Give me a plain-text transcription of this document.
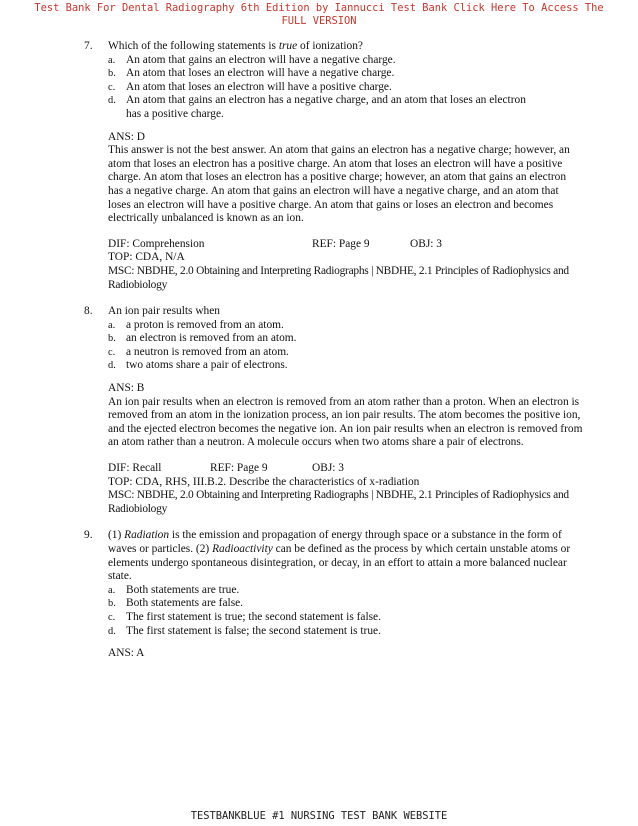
Test Bank For Dental Radiography 6th Edition by Iannucci Test Bank Click Here To Access The
FULL VERSION
7. Which of the following statements is true of ionization?
a. An atom that gains an electron will have a negative charge.
b. An atom that loses an electron will have a negative charge.
c. An atom that loses an electron will have a positive charge.
d. An atom that gains an electron has a negative charge, and an atom that loses an electron has a positive charge.
ANS: D
This answer is not the best answer. An atom that gains an electron has a negative charge; however, an atom that loses an electron has a positive charge. An atom that loses an electron will have a positive charge. An atom that loses an electron has a positive charge; however, an atom that gains an electron has a negative charge. An atom that gains an electron will have a negative charge, and an atom that loses an electron will have a positive charge. An atom that gains or loses an electron and becomes electrically unbalanced is known as an ion.
DIF: Comprehension	REF: Page 9	OBJ: 3
TOP: CDA, N/A
MSC: NBDHE, 2.0 Obtaining and Interpreting Radiographs | NBDHE, 2.1 Principles of Radiophysics and Radiobiology
8. An ion pair results when
a. a proton is removed from an atom.
b. an electron is removed from an atom.
c. a neutron is removed from an atom.
d. two atoms share a pair of electrons.
ANS: B
An ion pair results when an electron is removed from an atom rather than a proton. When an electron is removed from an atom in the ionization process, an ion pair results. The atom becomes the positive ion, and the ejected electron becomes the negative ion. An ion pair results when an electron is removed from an atom rather than a neutron. A molecule occurs when two atoms share a pair of electrons.
DIF: Recall	REF: Page 9	OBJ: 3
TOP: CDA, RHS, III.B.2. Describe the characteristics of x-radiation
MSC: NBDHE, 2.0 Obtaining and Interpreting Radiographs | NBDHE, 2.1 Principles of Radiophysics and Radiobiology
9. (1) Radiation is the emission and propagation of energy through space or a substance in the form of waves or particles. (2) Radioactivity can be defined as the process by which certain unstable atoms or elements undergo spontaneous disintegration, or decay, in an effort to attain a more balanced nuclear state.
a. Both statements are true.
b. Both statements are false.
c. The first statement is true; the second statement is false.
d. The first statement is false; the second statement is true.
ANS: A
TESTBANKBLUE #1 NURSING TEST BANK WEBSITE
